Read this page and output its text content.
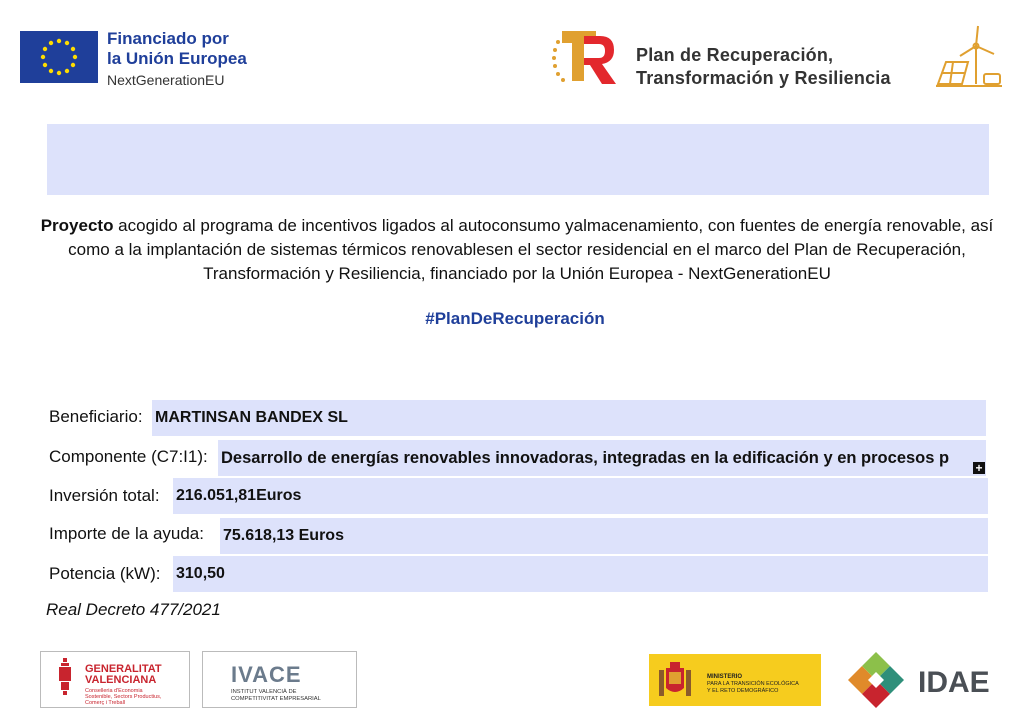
Financiado por
la Unión Europea
NextGenerationEU
Plan de Recuperación,
Transformación y Resiliencia

Proyecto acogido al programa de incentivos ligados al autoconsumo yalmacenamiento, con fuentes de energía renovable, así como a la implantación de sistemas térmicos renovablesen el sector residencial en el marco del Plan de Recuperación, Transformación y Resiliencia, financiado por la Unión Europea - NextGenerationEU

#PlanDeRecuperación
Beneficiario: MARTINSAN BANDEX SL
Componente (C7:I1): Desarrollo de energías renovables innovadoras, integradas en la edificación y en procesos p
+
Inversión total: 216.051,81Euros
Importe de la ayuda: 75.618,13 Euros
Potencia (kW): 310,50
Real Decreto 477/2021
GENERALITAT
VALENCIANA
Conselleria d'Economia
Sostenible, Sectors Productius,
Comerç i Treball
IVACE
INSTITUT VALENCIÀ DE
COMPETITIVITAT EMPRESARIAL
MINISTERIO
PARA LA TRANSICIÓN ECOLÓGICA
Y EL RETO DEMOGRÁFICO	IDAE
